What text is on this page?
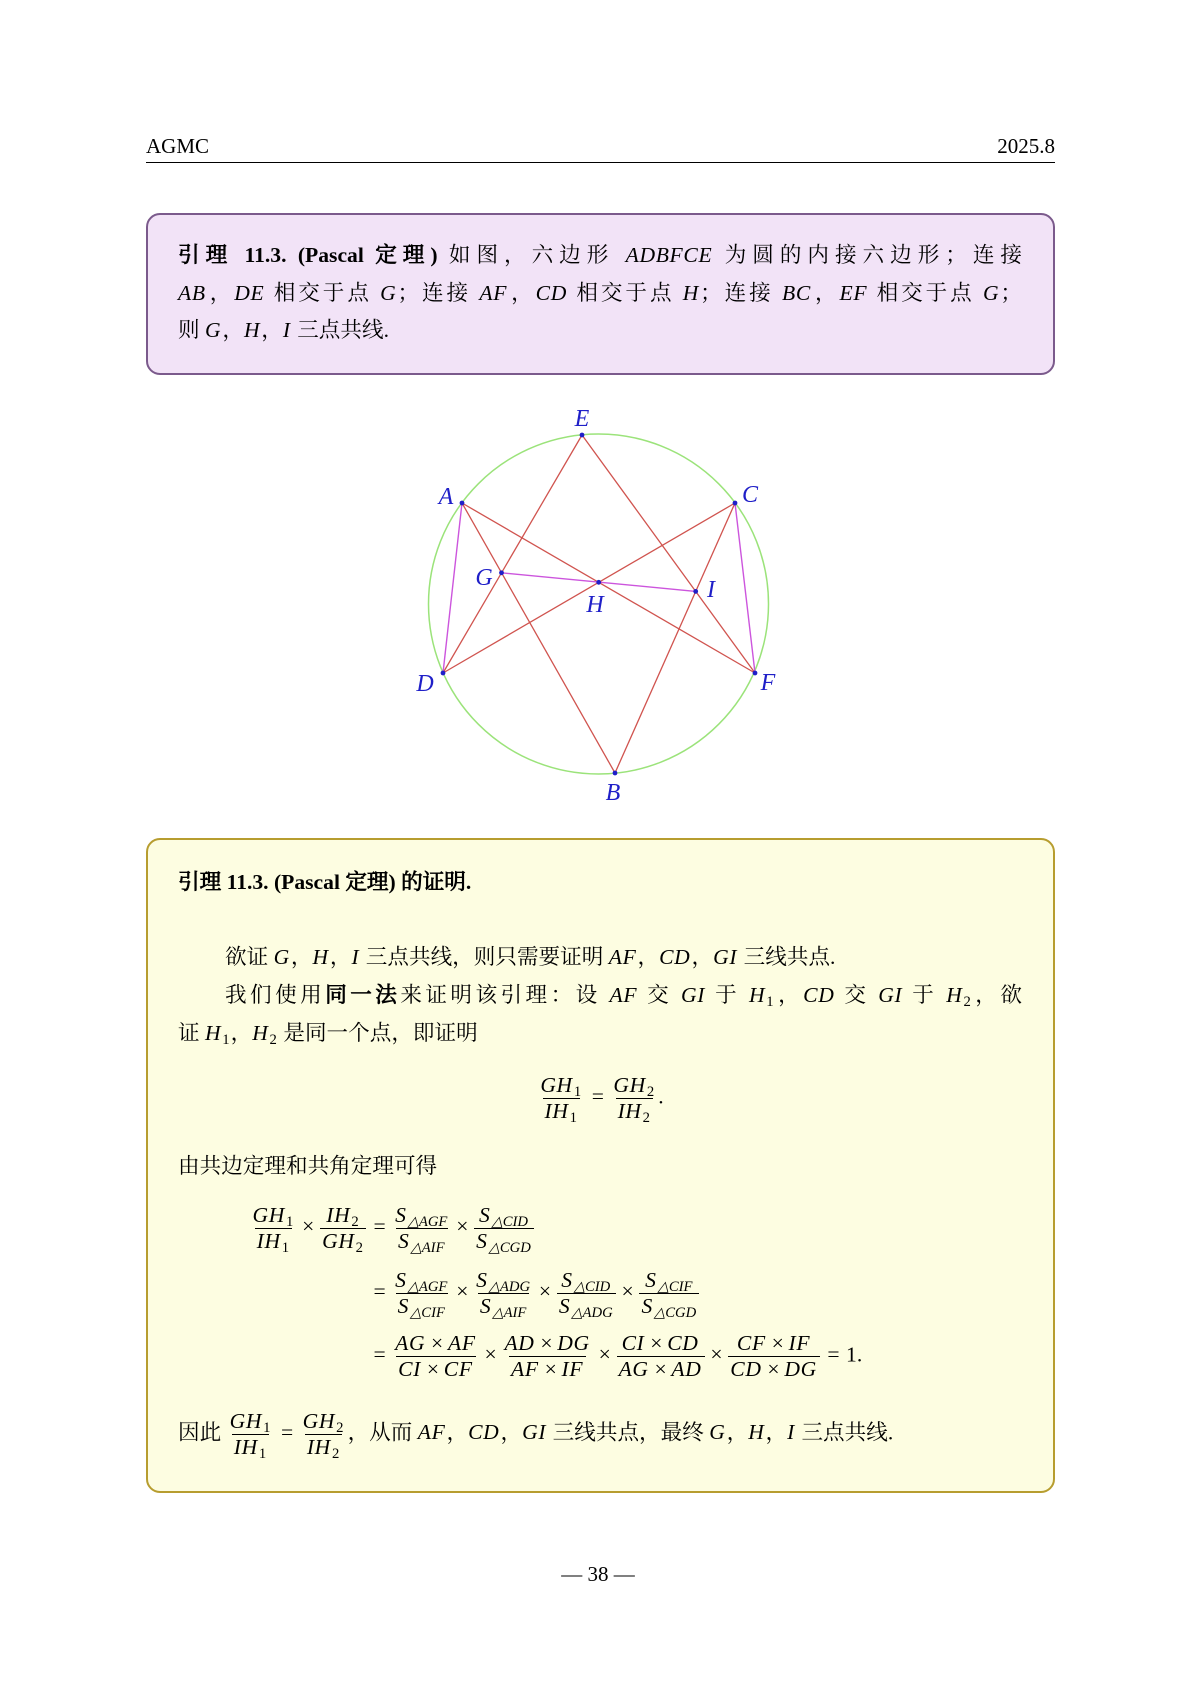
AGMC	2025.8
引理 11.3. (Pascal 定理) 如图，六边形 ADBFCE 为圆的内接六边形；连接
AB，DE 相交于点 G；连接 AF，CD 相交于点 H；连接 BC，EF 相交于点 G；
则 G，H，I 三点共线.
E
A	C
G
H
I
D	F
B
引理 11.3. (Pascal 定理) 的证明.
欲证 G，H，I 三点共线，则只需要证明 AF，CD，GI 三线共点.
我们使用同一法来证明该引理：设 AF 交 GI 于 $H_1$，CD 交 GI 于 $H_2$，欲
证 $H_1$，$H_2$ 是同一个点，即证明
$\frac{GH_1}{IH_1} = \frac{GH_2}{IH_2}$ .
由共边定理和共角定理可得
$\frac{GH_1}{IH_1} \times \frac{IH_2}{GH_2} = \frac{S_{\triangle AGF}}{S_{\triangle AIF}} \times \frac{S_{\triangle CID}}{S_{\triangle CGD}}$
= $\frac{S_{\triangle AGF}}{S_{\triangle CIF}} \times \frac{S_{\triangle ADG}}{S_{\triangle AIF}} \times \frac{S_{\triangle CID}}{S_{\triangle ADG}} \times \frac{S_{\triangle CIF}}{S_{\triangle CGD}}$
= $\frac{AG \times AF}{CI \times CF} \times \frac{AD \times DG}{AF \times IF} \times \frac{CI \times CD}{AG \times AD} \times \frac{CF \times IF}{CD \times DG} = 1$.
因此 $\frac{GH_1}{IH_1} = \frac{GH_2}{IH_2}$ ，从而 AF，CD，GI 三线共点，最终 G，H，I 三点共线.
— 38 —
